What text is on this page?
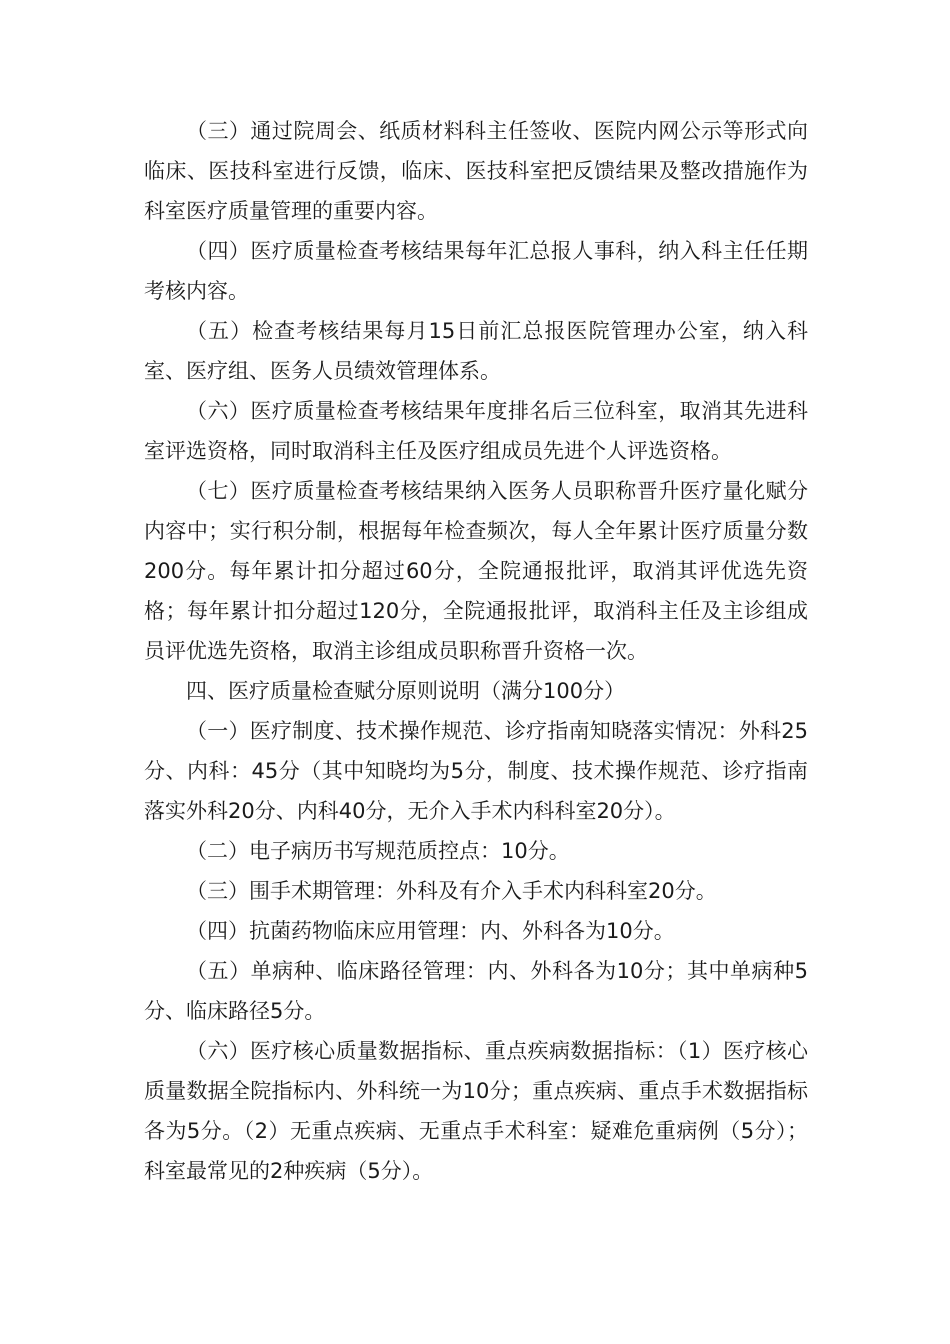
（三）通过院周会、纸质材料科主任签收、医院内网公示等形式向临床、医技科室进行反馈，临床、医技科室把反馈结果及整改措施作为科室医疗质量管理的重要内容。

（四）医疗质量检查考核结果每年汇总报人事科，纳入科主任任期考核内容。

（五）检查考核结果每月15日前汇总报医院管理办公室，纳入科室、医疗组、医务人员绩效管理体系。

（六）医疗质量检查考核结果年度排名后三位科室，取消其先进科室评选资格，同时取消科主任及医疗组成员先进个人评选资格。

（七）医疗质量检查考核结果纳入医务人员职称晋升医疗量化赋分内容中；实行积分制，根据每年检查频次，每人全年累计医疗质量分数200分。每年累计扣分超过60分，全院通报批评，取消其评优选先资格；每年累计扣分超过120分，全院通报批评，取消科主任及主诊组成员评优选先资格，取消主诊组成员职称晋升资格一次。

四、医疗质量检查赋分原则说明（满分100分）

（一）医疗制度、技术操作规范、诊疗指南知晓落实情况：外科25分、内科：45分（其中知晓均为5分，制度、技术操作规范、诊疗指南落实外科20分、内科40分，无介入手术内科科室20分）。

（二）电子病历书写规范质控点：10分。

（三）围手术期管理：外科及有介入手术内科科室20分。

（四）抗菌药物临床应用管理：内、外科各为10分。

（五）单病种、临床路径管理：内、外科各为10分；其中单病种5分、临床路径5分。

（六）医疗核心质量数据指标、重点疾病数据指标：（1）医疗核心质量数据全院指标内、外科统一为10分；重点疾病、重点手术数据指标各为5分。（2）无重点疾病、无重点手术科室：疑难危重病例（5分）；科室最常见的2种疾病（5分）。
